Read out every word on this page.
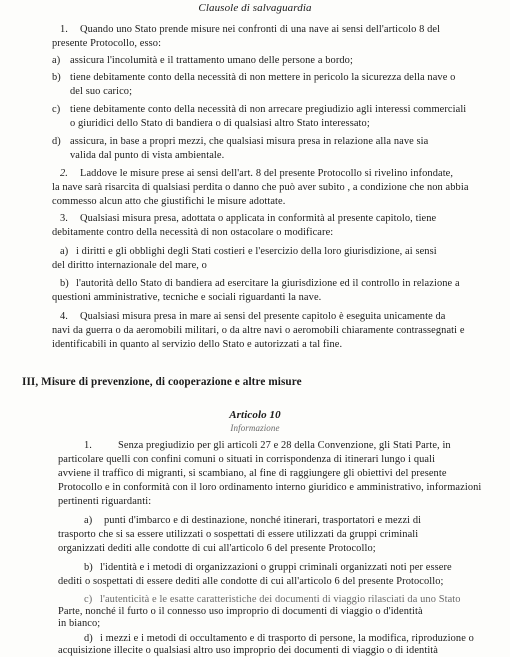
Clausole di salvaguardia
1. Quando uno Stato prende misure nei confronti di una nave ai sensi dell'articolo 8 del
presente Protocollo, esso:
a) assicura l'incolumità e il trattamento umano delle persone a bordo;
b) tiene debitamente conto della necessità di non mettere in pericolo la sicurezza della nave o
del suo carico;
c) tiene debitamente conto della necessità di non arrecare pregiudizio agli interessi commerciali
o giuridici dello Stato di bandiera o di qualsiasi altro Stato interessato;
d) assicura, in base a propri mezzi, che qualsiasi misura presa in relazione alla nave sia
valida dal punto di vista ambientale.
2. Laddove le misure prese ai sensi dell'art. 8 del presente Protocollo si rivelino infondate,
la nave sarà risarcita di qualsiasi perdita o danno che può aver subito , a condizione che non abbia
commesso alcun atto che giustifichi le misure adottate.
3. Qualsiasi misura presa, adottata o applicata in conformità al presente capitolo, tiene
debitamente contro della necessità di non ostacolare o modificare:
a) i diritti e gli obblighi degli Stati costieri e l'esercizio della loro giurisdizione, ai sensi
del diritto internazionale del mare, o
b) l'autorità dello Stato di bandiera ad esercitare la giurisdizione ed il controllo in relazione a
questioni amministrative, tecniche e sociali riguardanti la nave.
4. Qualsiasi misura presa in mare ai sensi del presente capitolo è eseguita unicamente da
navi da guerra o da aeromobili militari, o da altre navi o aeromobili chiaramente contrassegnati e
identificabili in quanto al servizio dello Stato e autorizzati a tal fine.
III, Misure di prevenzione, di cooperazione e altre misure
Articolo 10
Informazione
1.	Senza pregiudizio per gli articoli 27 e 28 della Convenzione, gli Stati Parte, in
particolare quelli con confini comuni o situati in corrispondenza di itinerari lungo i quali
avviene il traffico di migranti, si scambiano, al fine di raggiungere gli obiettivi del presente
Protocollo e in conformità con il loro ordinamento interno giuridico e amministrativo, informazioni
pertinenti riguardanti:
a) punti d'imbarco e di destinazione, nonché itinerari, trasportatori e mezzi di
trasporto che si sa essere utilizzati o sospettati di essere utilizzati da gruppi criminali
organizzati dediti alle condotte di cui all'articolo 6 del presente Protocollo;
b) l'identità e i metodi di organizzazioni o gruppi criminali organizzati noti per essere
dediti o sospettati di essere dediti alle condotte di cui all'articolo 6 del presente Protocollo;
c) l'autenticità e le esatte caratteristiche dei documenti di viaggio rilasciati da uno Stato
Parte, nonché il furto o il connesso uso improprio di documenti di viaggio o d'identità
in bianco;
d) i mezzi e i metodi di occultamento e di trasporto di persone, la modifica, riproduzione o
acquisizione illecite o qualsiasi altro uso improprio dei documenti di viaggio o di identità
